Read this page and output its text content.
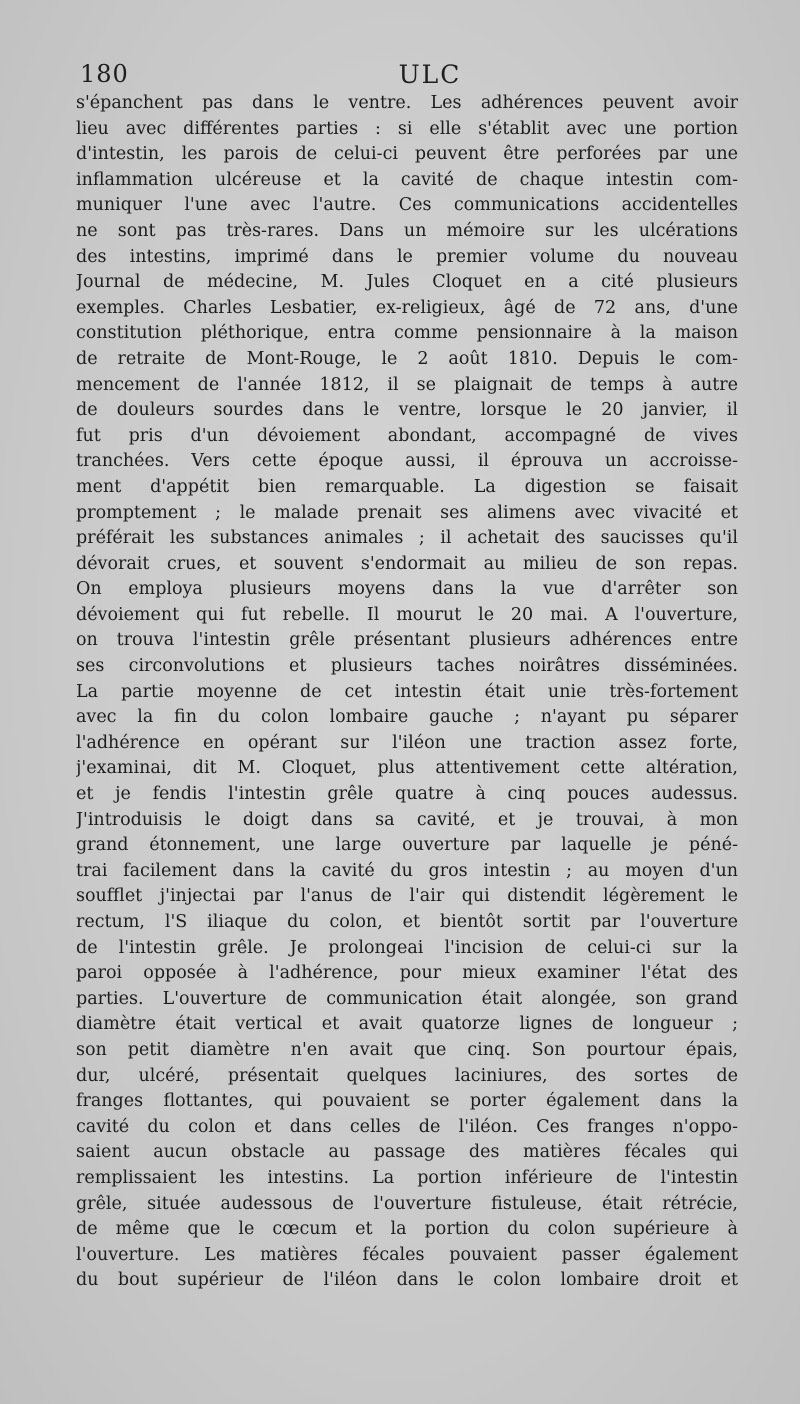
180	ULC
s'épanchent pas dans le ventre. Les adhérences peuvent avoir
lieu avec différentes parties : si elle s'établit avec une portion
d'intestin, les parois de celui-ci peuvent être perforées par une
inflammation ulcéreuse et la cavité de chaque intestin com-
muniquer l'une avec l'autre. Ces communications accidentelles
ne sont pas très-rares. Dans un mémoire sur les ulcérations
des intestins, imprimé dans le premier volume du nouveau
Journal de médecine, M. Jules Cloquet en a cité plusieurs
exemples. Charles Lesbatier, ex-religieux, âgé de 72 ans, d'une
constitution pléthorique, entra comme pensionnaire à la maison
de retraite de Mont-Rouge, le 2 août 1810. Depuis le com-
mencement de l'année 1812, il se plaignait de temps à autre
de douleurs sourdes dans le ventre, lorsque le 20 janvier, il
fut pris d'un dévoiement abondant, accompagné de vives
tranchées. Vers cette époque aussi, il éprouva un accroisse-
ment d'appétit bien remarquable. La digestion se faisait
promptement ; le malade prenait ses alimens avec vivacité et
préférait les substances animales ; il achetait des saucisses qu'il
dévorait crues, et souvent s'endormait au milieu de son repas.
On employa plusieurs moyens dans la vue d'arrêter son
dévoiement qui fut rebelle. Il mourut le 20 mai. A l'ouverture,
on trouva l'intestin grêle présentant plusieurs adhérences entre
ses circonvolutions et plusieurs taches noirâtres disséminées.
La partie moyenne de cet intestin était unie très-fortement
avec la fin du colon lombaire gauche ; n'ayant pu séparer
l'adhérence en opérant sur l'iléon une traction assez forte,
j'examinai, dit M. Cloquet, plus attentivement cette altération,
et je fendis l'intestin grêle quatre à cinq pouces audessus.
J'introduisis le doigt dans sa cavité, et je trouvai, à mon
grand étonnement, une large ouverture par laquelle je péné-
trai facilement dans la cavité du gros intestin ; au moyen d'un
soufflet j'injectai par l'anus de l'air qui distendit légèrement le
rectum, l'S iliaque du colon, et bientôt sortit par l'ouverture
de l'intestin grêle. Je prolongeai l'incision de celui-ci sur la
paroi opposée à l'adhérence, pour mieux examiner l'état des
parties. L'ouverture de communication était alongée, son grand
diamètre était vertical et avait quatorze lignes de longueur ;
son petit diamètre n'en avait que cinq. Son pourtour épais,
dur, ulcéré, présentait quelques laciniures, des sortes de
franges flottantes, qui pouvaient se porter également dans la
cavité du colon et dans celles de l'iléon. Ces franges n'oppo-
saient aucun obstacle au passage des matières fécales qui
remplissaient les intestins. La portion inférieure de l'intestin
grêle, située audessous de l'ouverture fistuleuse, était rétrécie,
de même que le cœcum et la portion du colon supérieure à
l'ouverture. Les matières fécales pouvaient passer également
du bout supérieur de l'iléon dans le colon lombaire droit et
